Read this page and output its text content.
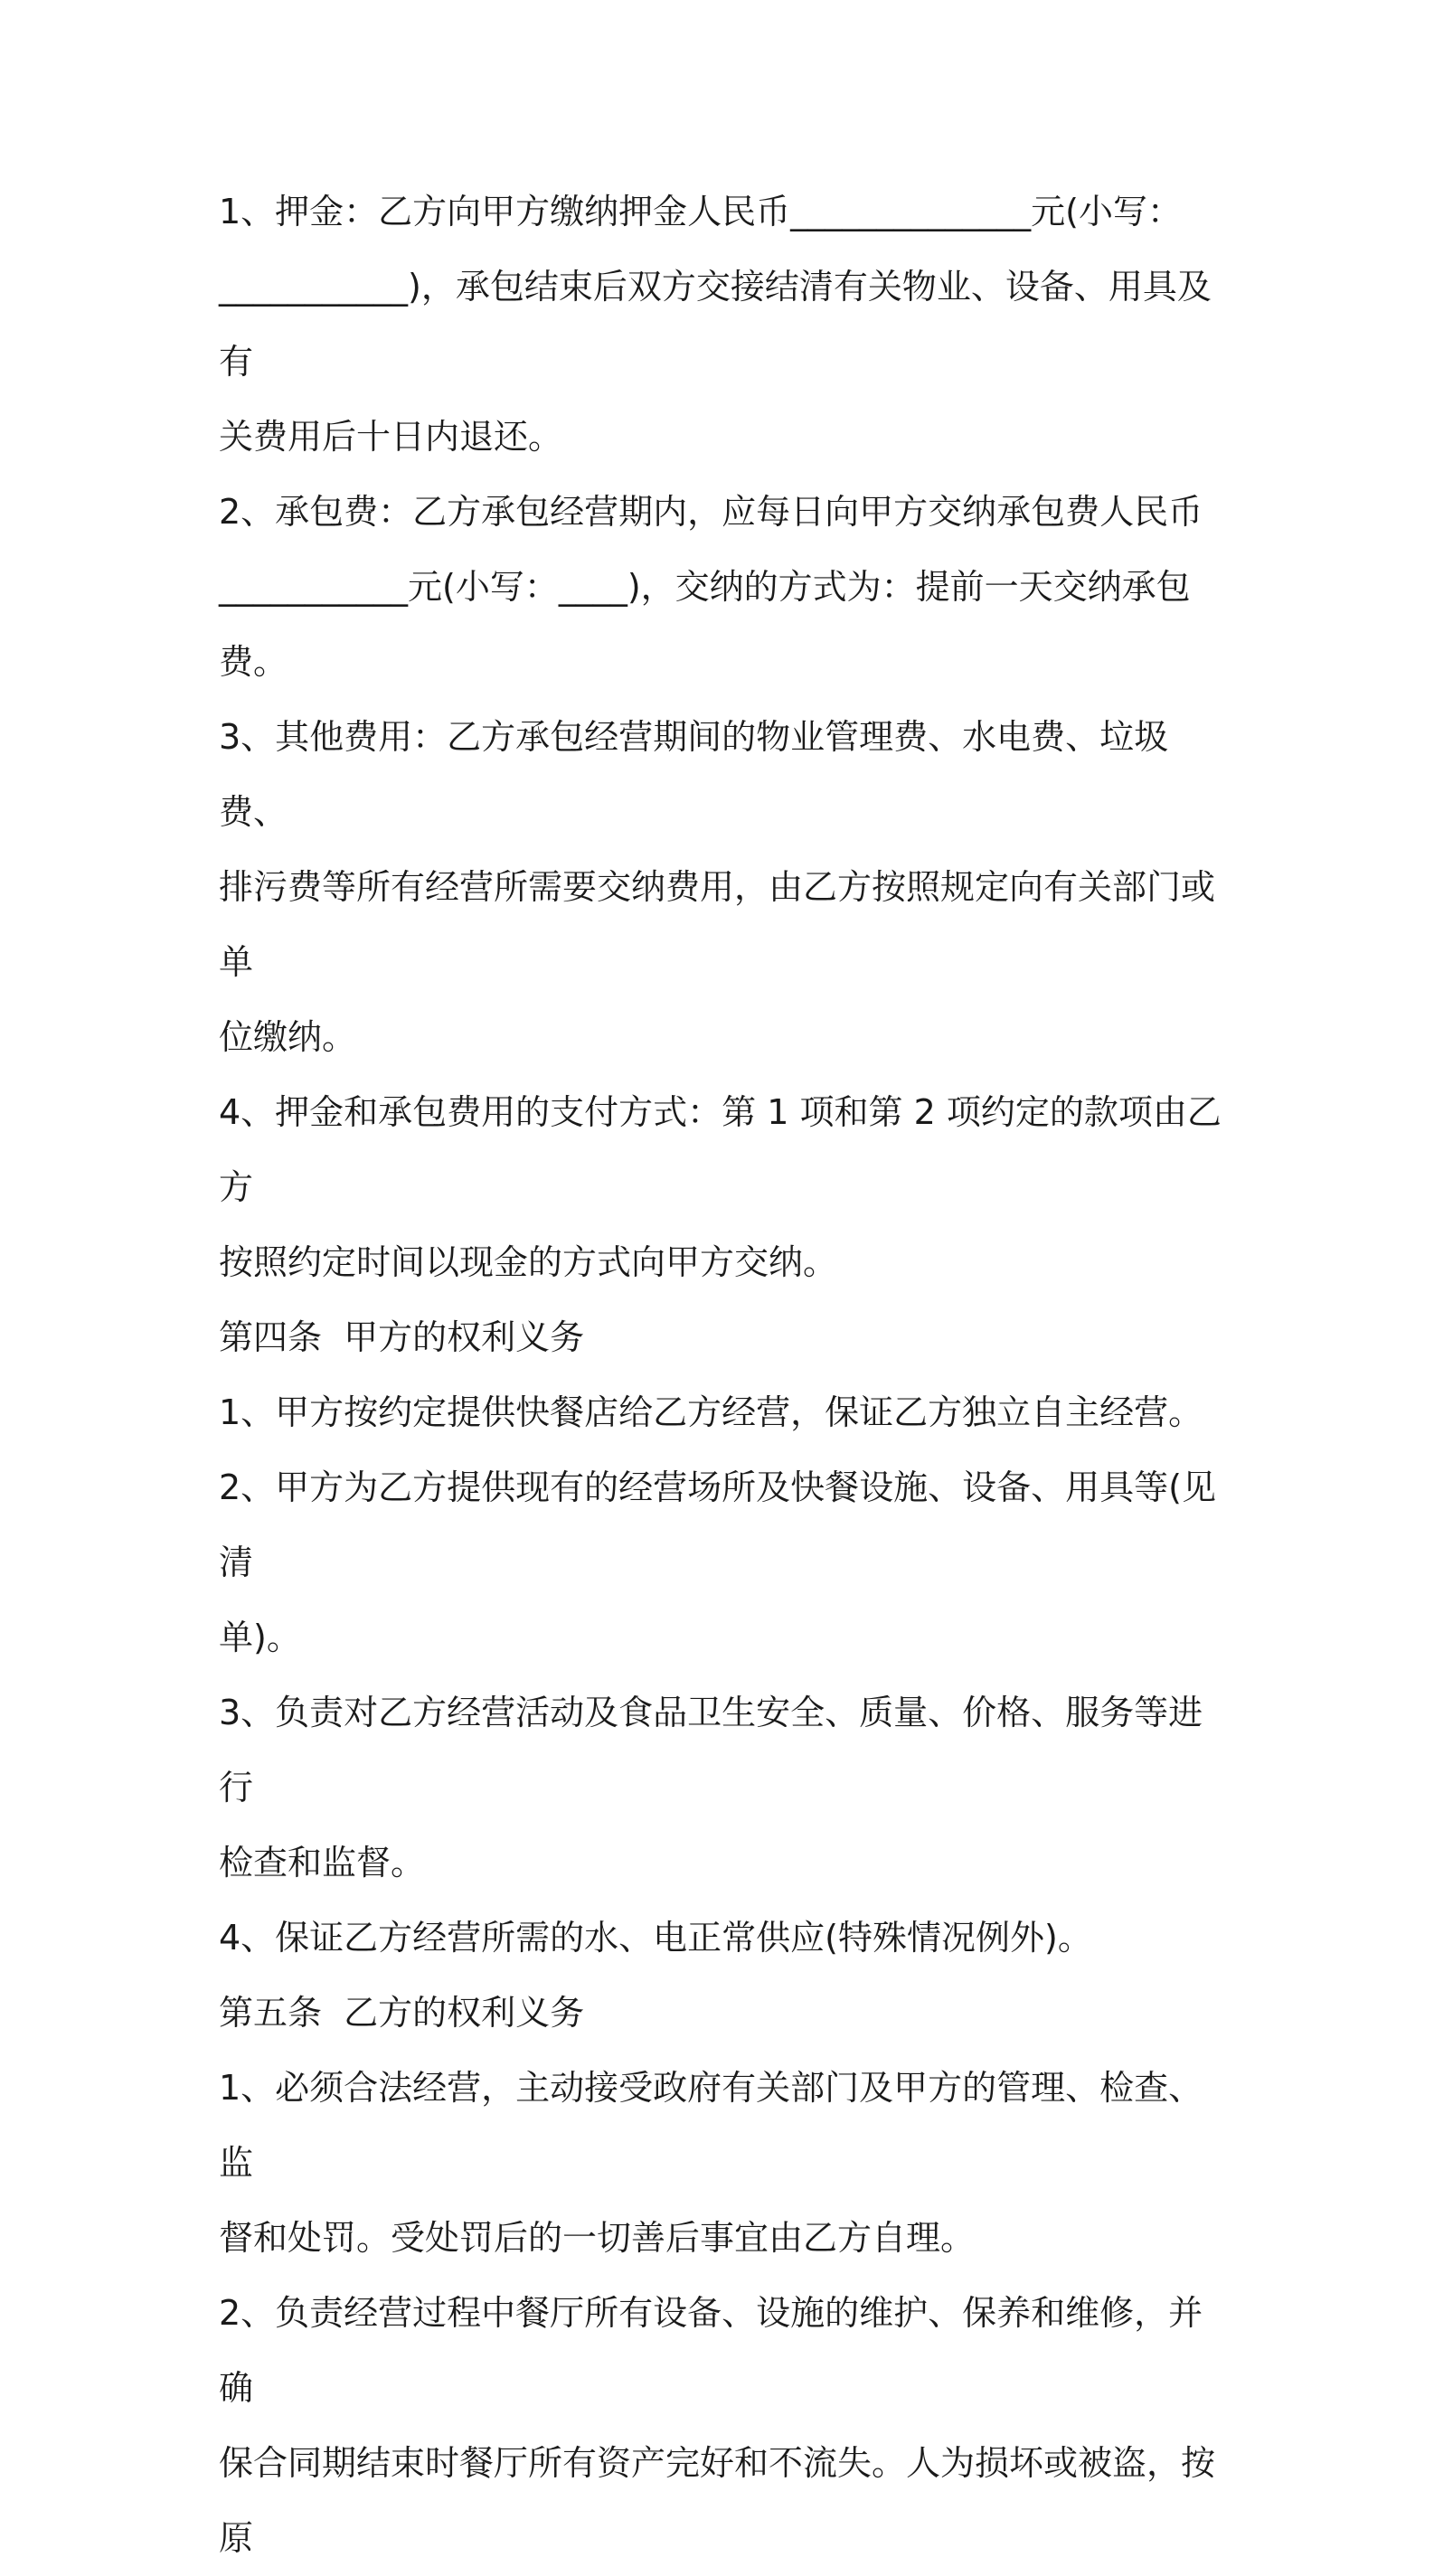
1、押金：乙方向甲方缴纳押金人民币______________元(小写：

___________)，承包结束后双方交接结清有关物业、设备、用具及有

关费用后十日内退还。

2、承包费：乙方承包经营期内，应每日向甲方交纳承包费人民币

___________元(小写：____)，交纳的方式为：提前一天交纳承包费。

3、其他费用：乙方承包经营期间的物业管理费、水电费、垃圾费、

排污费等所有经营所需要交纳费用，由乙方按照规定向有关部门或单

位缴纳。

4、押金和承包费用的支付方式：第 1 项和第 2 项约定的款项由乙方

按照约定时间以现金的方式向甲方交纳。

第四条  甲方的权利义务

1、甲方按约定提供快餐店给乙方经营，保证乙方独立自主经营。

2、甲方为乙方提供现有的经营场所及快餐设施、设备、用具等(见清

单)。

3、负责对乙方经营活动及食品卫生安全、质量、价格、服务等进行

检查和监督。

4、保证乙方经营所需的水、电正常供应(特殊情况例外)。

第五条  乙方的权利义务

1、必须合法经营，主动接受政府有关部门及甲方的管理、检查、监

督和处罚。受处罚后的一切善后事宜由乙方自理。

2、负责经营过程中餐厅所有设备、设施的维护、保养和维修，并确

保合同期结束时餐厅所有资产完好和不流失。人为损坏或被盗，按原
